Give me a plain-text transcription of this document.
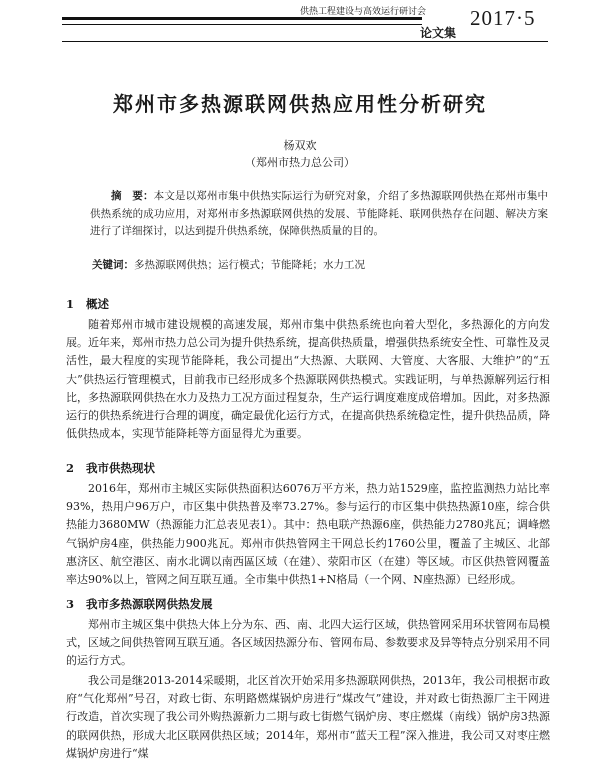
供热工程建设与高效运行研讨会
论文集
2017·5
郑州市多热源联网供热应用性分析研究
杨双欢
（郑州市热力总公司）
摘　要：本文是以郑州市集中供热实际运行为研究对象，介绍了多热源联网供热在郑州市集中供热系统的成功应用，对郑州市多热源联网供热的发展、节能降耗、联网供热存在问题、解决方案进行了详细探讨，以达到提升供热系统，保障供热质量的目的。
关键词：多热源联网供热；运行模式；节能降耗；水力工况
1 概述
随着郑州市城市建设规模的高速发展，郑州市集中供热系统也向着大型化，多热源化的方向发展。近年来，郑州市热力总公司为提升供热系统，提高供热质量，增强供热系统安全性、可靠性及灵活性，最大程度的实现节能降耗，我公司提出“大热源、大联网、大管度、大客服、大维护”的“五大”供热运行管理模式，目前我市已经形成多个热源联网供热模式。实践证明，与单热源解列运行相比，多热源联网供热在水力及热力工况方面过程复杂，生产运行调度难度成倍增加。因此，对多热源运行的供热系统进行合理的调度，确定最优化运行方式，在提高供热系统稳定性，提升供热品质，降低供热成本，实现节能降耗等方面显得尤为重要。
2 我市供热现状
2016年，郑州市主城区实际供热面积达6076万平方米，热力站1529座，监控监测热力站比率93%，热用户96万户，市区集中供热普及率73.27%。参与运行的市区集中供热热源10座，综合供热能力3680MW（热源能力汇总表见表1）。其中：热电联产热源6座，供热能力2780兆瓦；调峰燃气锅炉房4座，供热能力900兆瓦。郑州市供热管网主干网总长约1760公里，覆盖了主城区、北部惠济区、航空港区、南水北调以南西區区域（在建）、荥阳市区（在建）等区域。市区供热管网覆盖率达90%以上，管网之间互联互通。全市集中供热1+N格局（一个网、N座热源）已经形成。
3 我市多热源联网供热发展
郑州市主城区集中供热大体上分为东、西、南、北四大运行区域，供热管网采用环状管网布局模式，区域之间供热管网互联互通。各区域因热源分布、管网布局、参数要求及异等特点分别采用不同的运行方式。
我公司是继2013-2014采暖期，北区首次开始采用多热源联网供热，2013年，我公司根据市政府“气化郑州”号召，对政七街、东明路燃煤锅炉房进行“煤改气”建设，并对政七街热源厂主干网进行改造，首次实现了我公司外购热源新力二期与政七街燃气锅炉房、枣庄燃煤（南线）锅炉房3热源的联网供热，形成大北区联网供热区域；2014年，郑州市“蓝天工程”深入推进，我公司又对枣庄燃煤锅炉房进行“煤
